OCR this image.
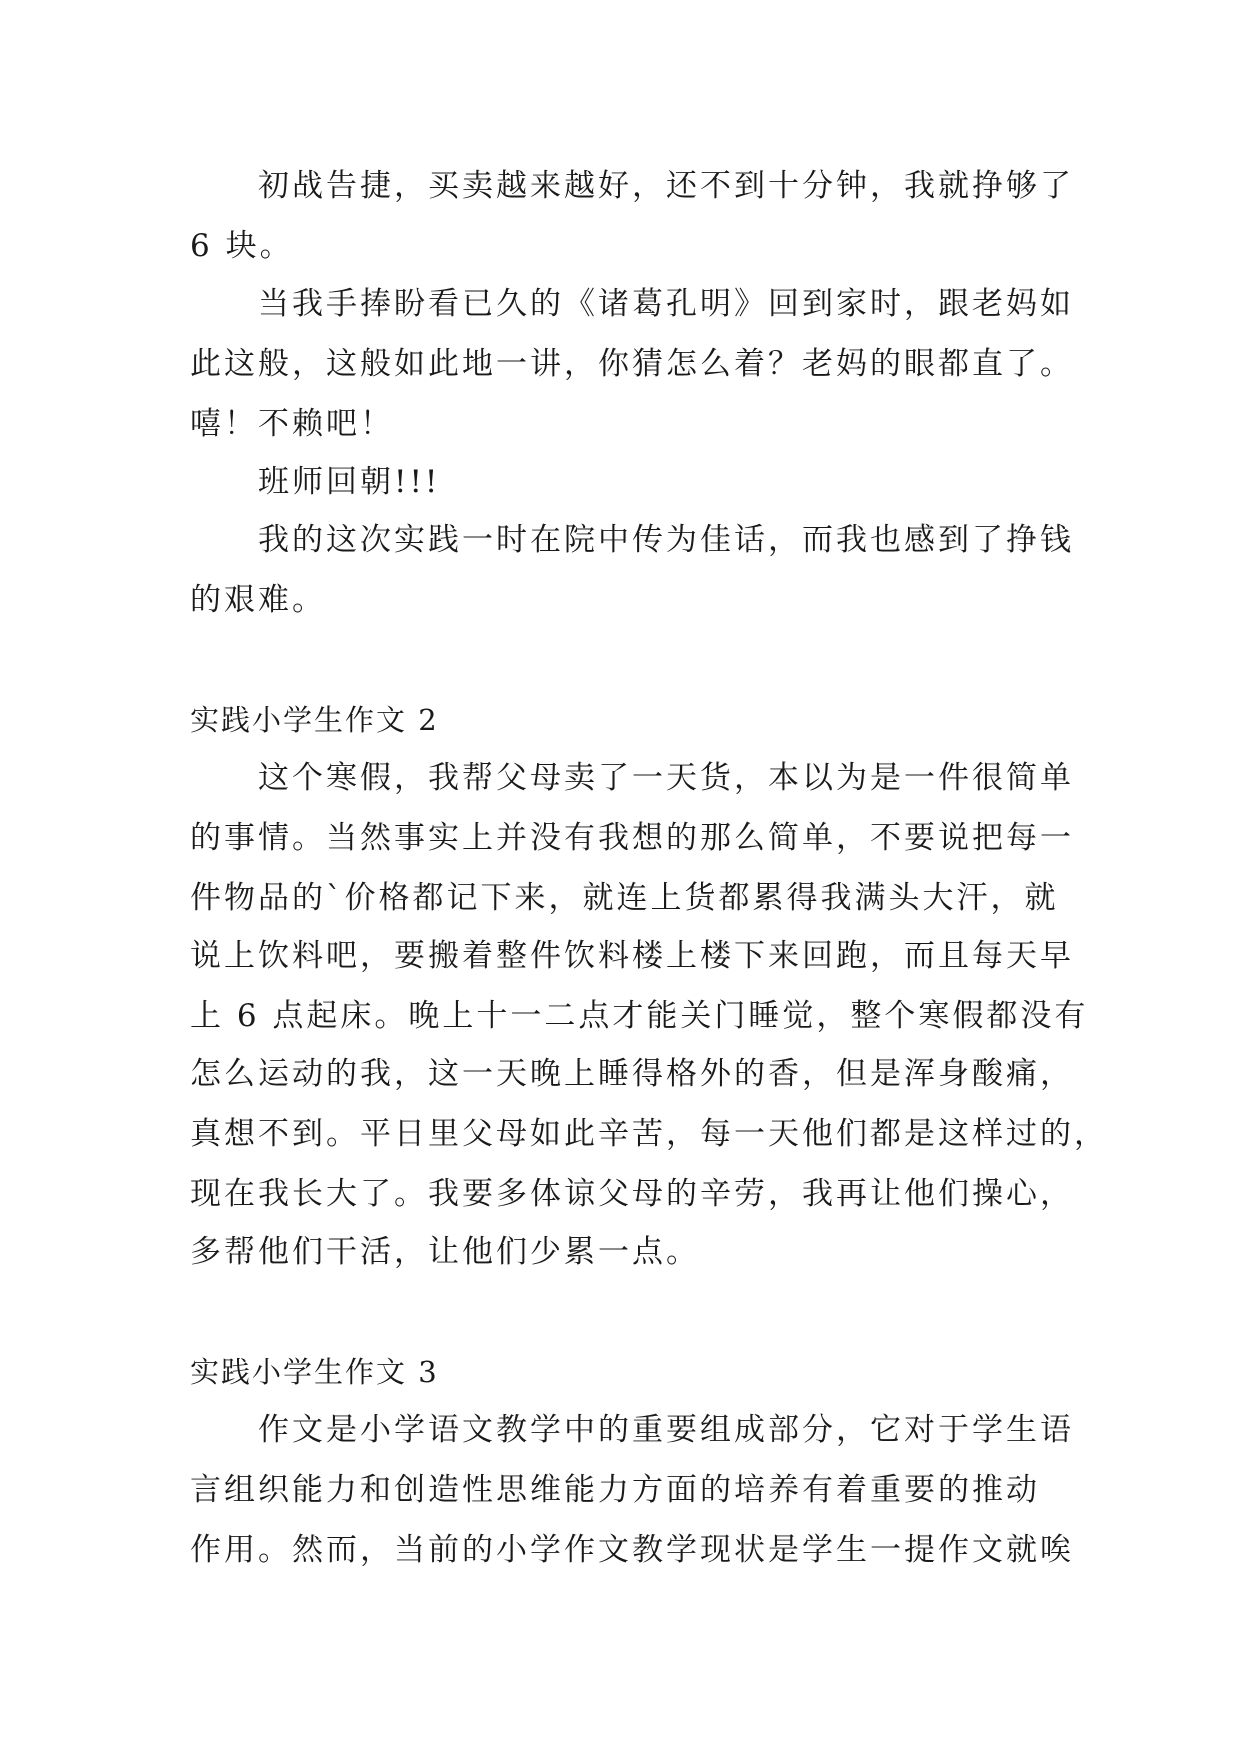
初战告捷，买卖越来越好，还不到十分钟，我就挣够了
6 块。
当我手捧盼看已久的《诸葛孔明》回到家时，跟老妈如
此这般，这般如此地一讲，你猜怎么着？老妈的眼都直了。
嘻！不赖吧！
班师回朝!!!
我的这次实践一时在院中传为佳话，而我也感到了挣钱
的艰难。
实践小学生作文 2
这个寒假，我帮父母卖了一天货，本以为是一件很简单
的事情。当然事实上并没有我想的那么简单，不要说把每一
件物品的`价格都记下来，就连上货都累得我满头大汗，就
说上饮料吧，要搬着整件饮料楼上楼下来回跑，而且每天早
上 6 点起床。晚上十一二点才能关门睡觉，整个寒假都没有
怎么运动的我，这一天晚上睡得格外的香，但是浑身酸痛，
真想不到。平日里父母如此辛苦，每一天他们都是这样过的，
现在我长大了。我要多体谅父母的辛劳，我再让他们操心，
多帮他们干活，让他们少累一点。
实践小学生作文 3
作文是小学语文教学中的重要组成部分，它对于学生语
言组织能力和创造性思维能力方面的培养有着重要的推动
作用。然而，当前的小学作文教学现状是学生一提作文就唉
